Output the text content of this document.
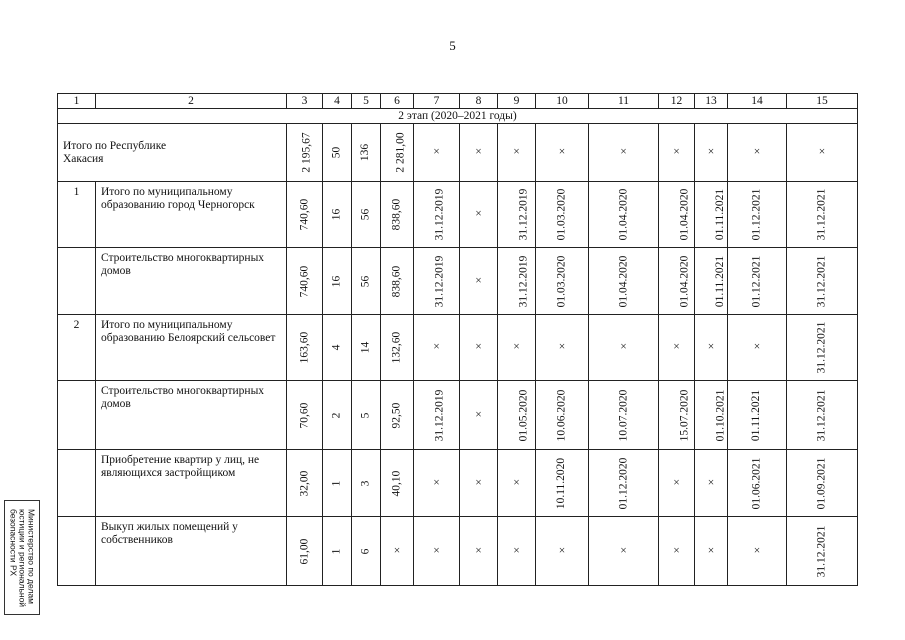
5
1	2	3	4	5	6	7	8	9	10	11	12	13	14	15
2 этап (2020–2021 годы)														
Итого по Республике Хакасия		2 195,67	50	136	2 281,00	×	×	×	×	×	×	×	×	×
1	Итого по муниципальному образованию город Черногорск	740,60	16	56	838,60	31.12.2019	×	31.12.2019	01.03.2020	01.04.2020	01.04.2020	01.11.2021	01.12.2021	31.12.2021
	Строительство многоквартирных домов	740,60	16	56	838,60	31.12.2019	×	31.12.2019	01.03.2020	01.04.2020	01.04.2020	01.11.2021	01.12.2021	31.12.2021
2	Итого по муниципальному образованию Белоярский сельсовет	163,60	4	14	132,60	×	×	×	×	×	×	×	×	31.12.2021
	Строительство многоквартирных домов	70,60	2	5	92,50	31.12.2019	×	01.05.2020	10.06.2020	10.07.2020	15.07.2020	01.10.2021	01.11.2021	31.12.2021
	Приобретение квартир у лиц, не являющихся застройщиком	32,00	1	3	40,10	×	×	×	10.11.2020	01.12.2020	×	×	01.06.2021	01.09.2021
	Выкуп жилых помещений у собственников	61,00	1	6	×	×	×	×	×	×	×	×	×	31.12.2021
Министерство по делам
юстиции и региональной
безопасности РХ
